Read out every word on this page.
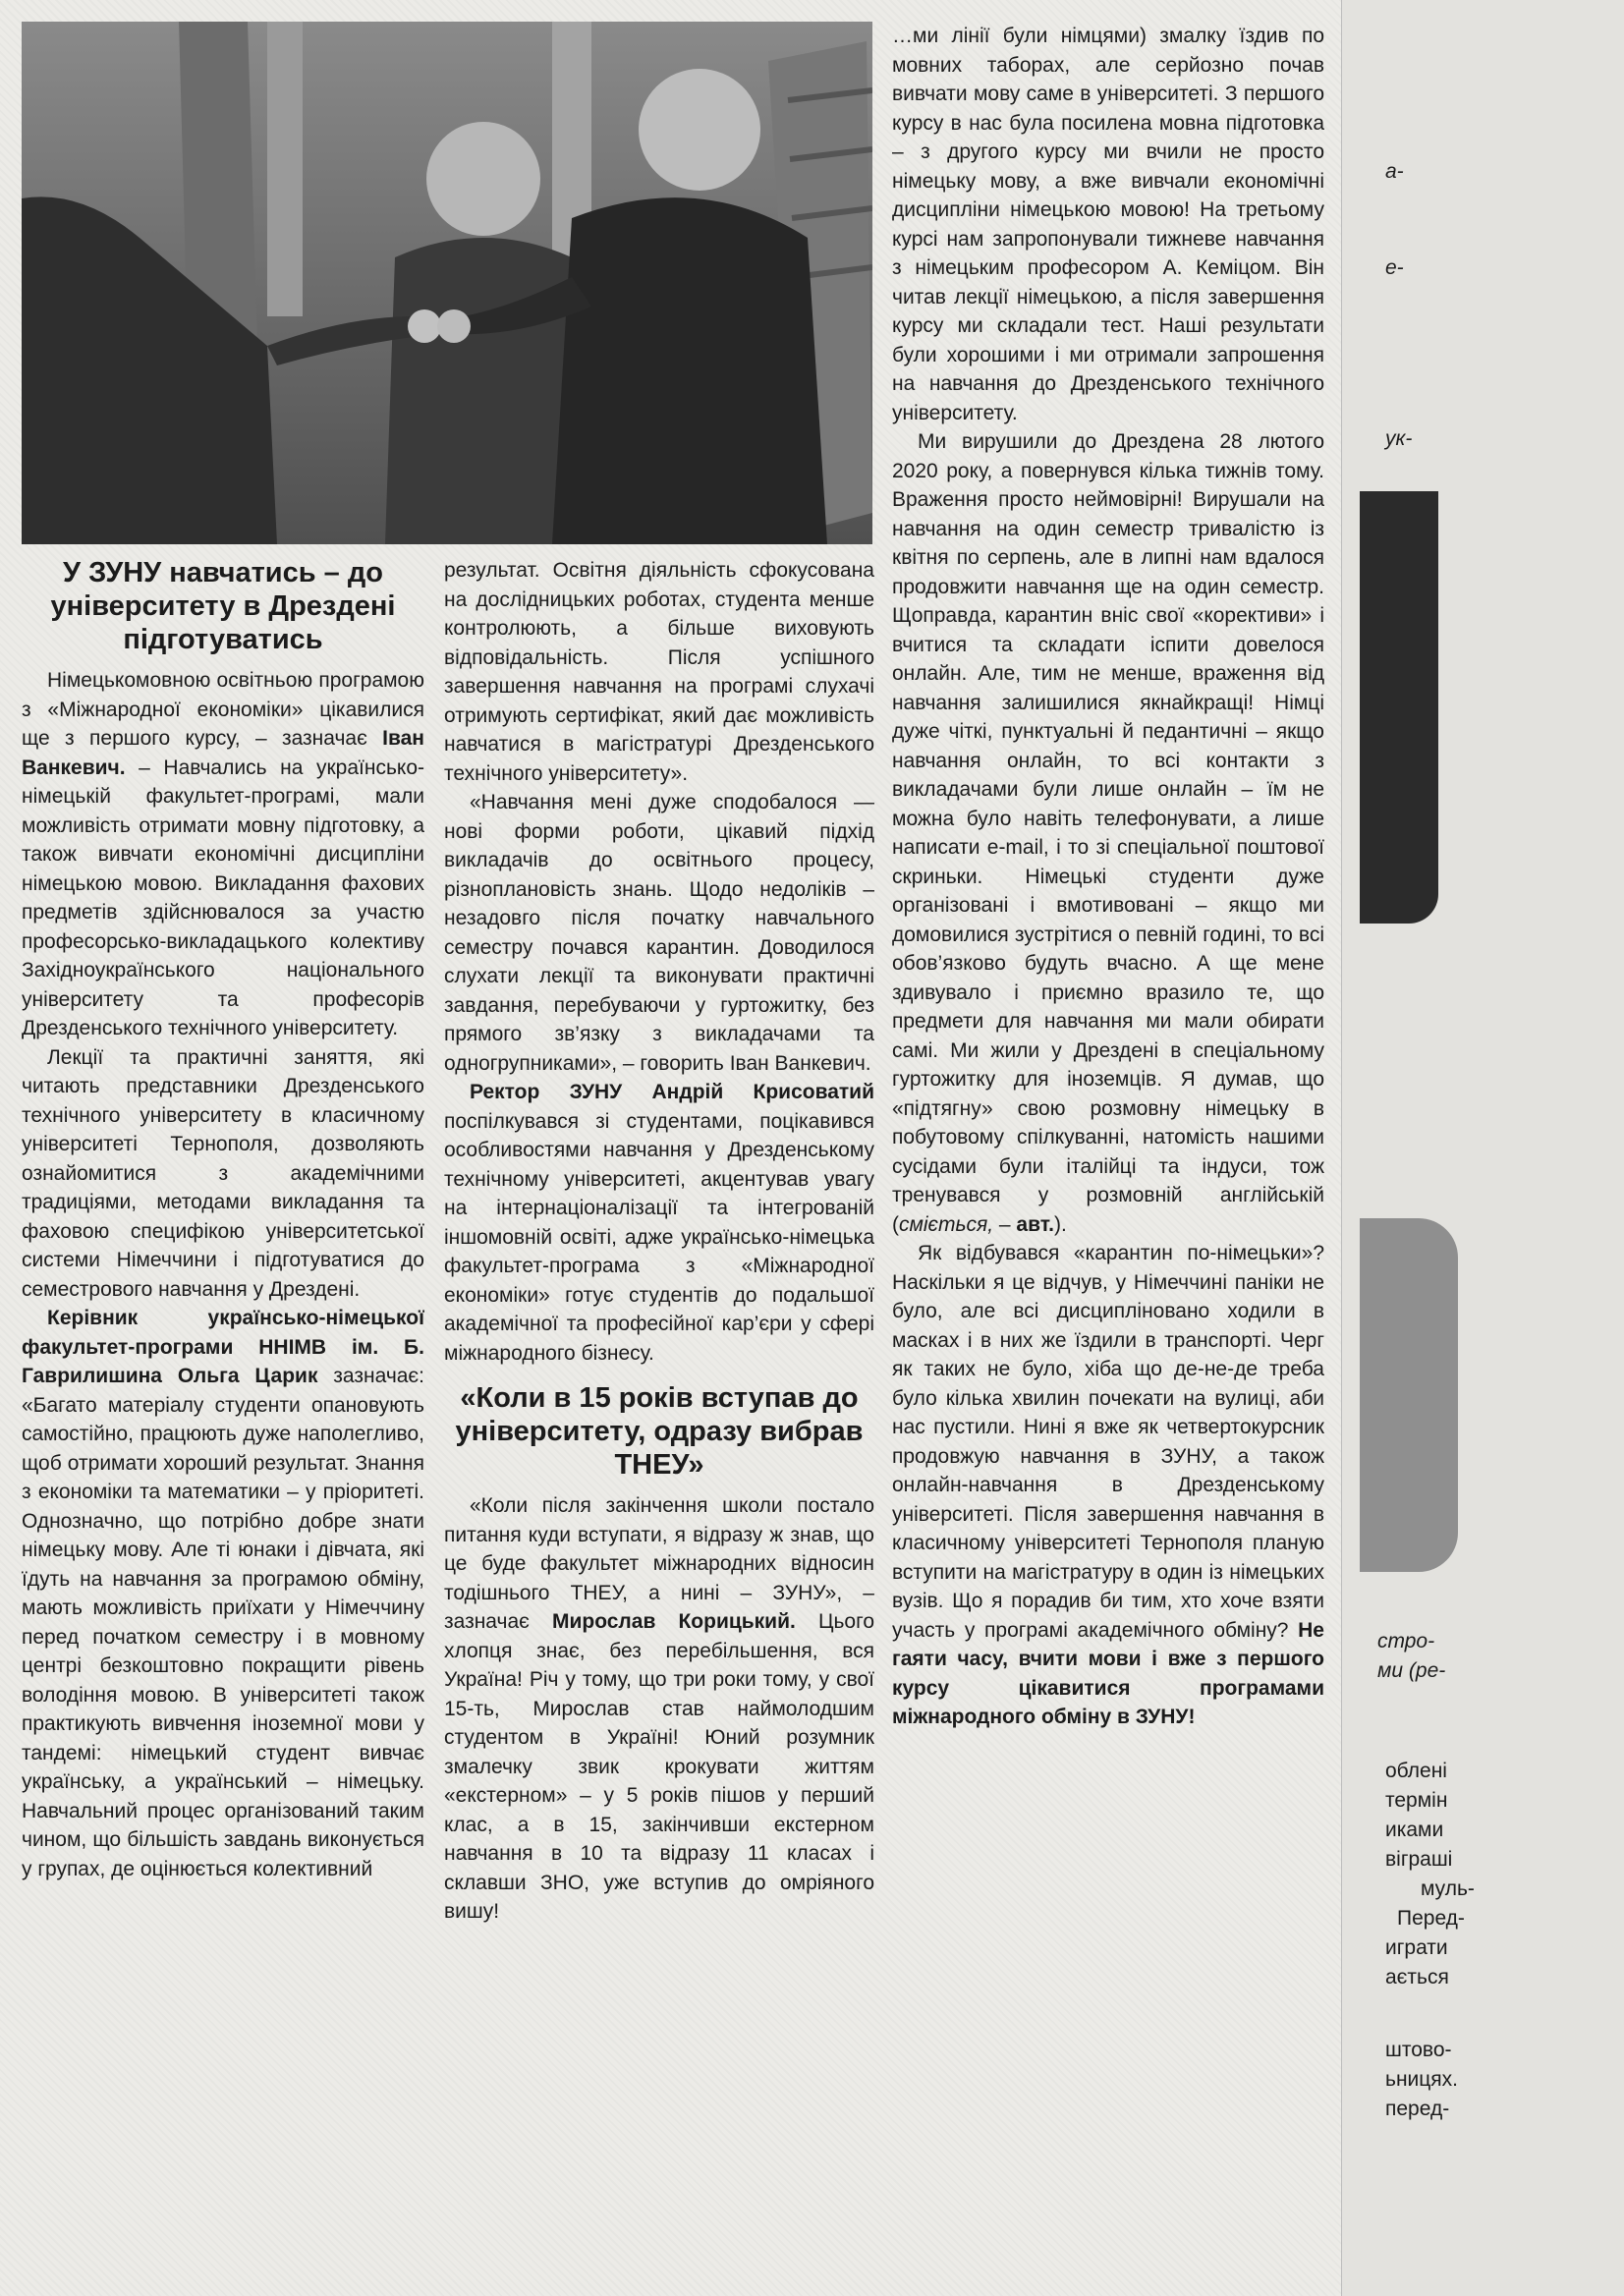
У ЗУНУ навчатись – до університету в Дрездені підготуватись

Німецькомовною освітньою програмою з «Міжнародної економіки» цікавилися ще з першого курсу, – зазначає Іван Ванкевич. – Навчались на українсько-німецькій факультет-програмі, мали можливість отримати мовну підготовку, а також вивчати економічні дисципліни німецькою мовою. Викладання фахових предметів здійснювалося за участю професорсько-викладацького колективу Західноукраїнського національного університету та професорів Дрезденського технічного університету.

Лекції та практичні заняття, які читають представники Дрезденського технічного університету в класичному університеті Тернополя, дозволяють ознайомитися з академічними традиціями, методами викладання та фаховою специфікою університетської системи Німеччини і підготуватися до семестрового навчання у Дрездені.

Керівник українсько-німецької факультет-програми ННІМВ ім. Б. Гаврилишина Ольга Царик зазначає: «Багато матеріалу студенти опановують самостійно, працюють дуже наполегливо, щоб отримати хороший результат. Знання з економіки та математики – у пріоритеті. Однозначно, що потрібно добре знати німецьку мову. Але ті юнаки і дівчата, які їдуть на навчання за програмою обміну, мають можливість приїхати у Німеччину перед початком семестру і в мовному центрі безкоштовно покращити рівень володіння мовою. В університеті також практикують вивчення іноземної мови у тандемі: німецький студент вивчає українську, а український – німецьку. Навчальний процес організований таким чином, що більшість завдань виконується у групах, де оцінюється колективний

результат. Освітня діяльність сфокусована на дослідницьких роботах, студента менше контролюють, а більше виховують відповідальність. Після успішного завершення навчання на програмі слухачі отримують сертифікат, який дає можливість навчатися в магістратурі Дрезденського технічного університету».

«Навчання мені дуже сподобалося — нові форми роботи, цікавий підхід викладачів до освітнього процесу, різноплановість знань. Щодо недоліків – незадовго після початку навчального семестру почався карантин. Доводилося слухати лекції та виконувати практичні завдання, перебуваючи у гуртожитку, без прямого зв’язку з викладачами та одногрупниками», – говорить Іван Ванкевич.

Ректор ЗУНУ Андрій Крисоватий поспілкувався зі студентами, поцікавився особливостями навчання у Дрезденському технічному університеті, акцентував увагу на інтернаціоналізації та інтегрованій іншомовній освіті, адже українсько-німецька факультет-програма з «Міжнародної економіки» готує студентів до подальшої академічної та професійної кар’єри у сфері міжнародного бізнесу.

«Коли в 15 років вступав до університету, одразу вибрав ТНЕУ»

«Коли після закінчення школи постало питання куди вступати, я відразу ж знав, що це буде факультет міжнародних відносин тодішнього ТНЕУ, а нині – ЗУНУ», – зазначає Мирослав Корицький. Цього хлопця знає, без перебільшення, вся Україна! Річ у тому, що три роки тому, у свої 15-ть, Мирослав став наймолодшим студентом в Україні! Юний розумник змалечку звик крокувати життям «екстерном» – у 5 років пішов у перший клас, а в 15, закінчивши екстерном навчання в 10 та відразу 11 класах і склавши ЗНО, уже вступив до омріяного вишу!

…ми лінії були німцями) змалку їздив по мовних таборах, але серйозно почав вивчати мову саме в університеті. З першого курсу в нас була посилена мовна підготовка – з другого курсу ми вчили не просто німецьку мову, а вже вивчали економічні дисципліни німецькою мовою! На третьому курсі нам запропонували тижневе навчання з німецьким професором А. Кеміцом. Він читав лекції німецькою, а після завершення курсу ми складали тест. Наші результати були хорошими і ми отримали запрошення на навчання до Дрезденського технічного університету.

Ми вирушили до Дрездена 28 лютого 2020 року, а повернувся кілька тижнів тому. Враження просто неймовірні! Вирушали на навчання на один семестр тривалістю із квітня по серпень, але в липні нам вдалося продовжити навчання ще на один семестр. Щоправда, карантин вніс свої «корективи» і вчитися та складати іспити довелося онлайн. Але, тим не менше, враження від навчання залишилися якнайкращі! Німці дуже чіткі, пунктуальні й педантичні – якщо навчання онлайн, то всі контакти з викладачами були лише онлайн – їм не можна було навіть телефонувати, а лише написати e-mail, і то зі спеціальної поштової скриньки. Німецькі студенти дуже організовані і вмотивовані – якщо ми домовилися зустрітися о певній годині, то всі обов’язково будуть вчасно. А ще мене здивувало і приємно вразило те, що предмети для навчання ми мали обирати самі. Ми жили у Дрездені в спеціальному гуртожитку для іноземців. Я думав, що «підтягну» свою розмовну німецьку в побутовому спілкуванні, натомість нашими сусідами були італійці та індуси, тож тренувався у розмовній англійській (сміється, – авт.).

Як відбувався «карантин по-німецьки»? Наскільки я це відчув, у Німеччині паніки не було, але всі дисципліновано ходили в масках і в них же їздили в транспорті. Черг як таких не було, хіба що де-не-де треба було кілька хвилин почекати на вулиці, аби нас пустили. Нині я вже як четвертокурсник продовжую навчання в ЗУНУ, а також онлайн-навчання в Дрезденському університеті. Після завершення навчання в класичному університеті Тернополя планую вступити на магістратуру в один із німецьких вузів. Що я порадив би тим, хто хоче взяти участь у програмі академічного обміну? Не гаяти часу, вчити мови і вже з першого курсу цікавитися програмами міжнародного обміну в ЗУНУ!

а-
е-
ук-
стро-
ми (ре-
облені
термін
иками
віграші
муль-
Перед-
играти
ається
штово-
ьницях.
перед-
